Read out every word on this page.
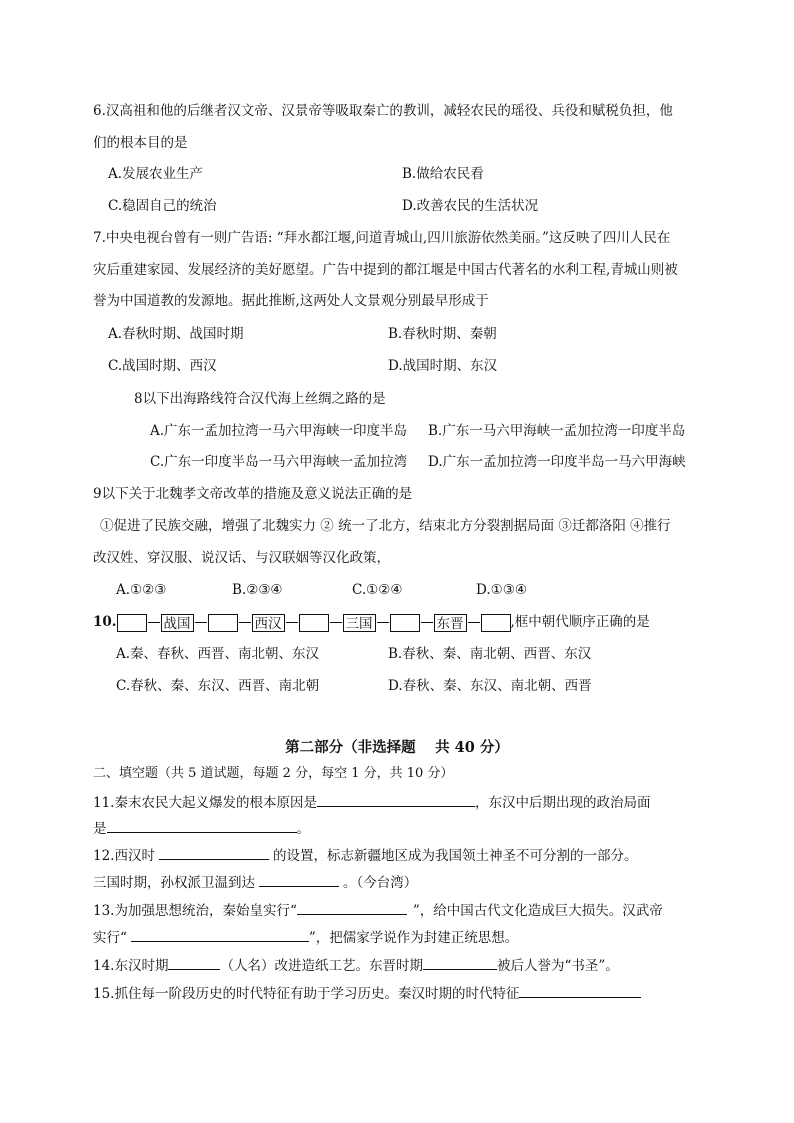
6.汉高祖和他的后继者汉文帝、汉景帝等吸取秦亡的教训，减轻农民的瑶役、兵役和赋税负担，他
们的根本目的是
A.发展农业生产	B.做给农民看
C.稳固自己的统治	D.改善农民的生活状况
7.中央电视台曾有一则广告语: “拜水都江堰,问道青城山,四川旅游依然美丽。”这反映了四川人民在
灾后重建家园、发展经济的美好愿望。广告中提到的都江堰是中国古代著名的水利工程,青城山则被
誉为中国道教的发源地。据此推断,这两处人文景观分别最早形成于
A.春秋时期、战国时期	B.春秋时期、秦朝
C.战国时期、西汉	D.战国时期、东汉
8以下出海路线符合汉代海上丝绸之路的是
A.广东一孟加拉湾一马六甲海峡一印度半岛 B.广东一马六甲海峡一孟加拉湾一印度半岛
C.广东一印度半岛一马六甲海峡一孟加拉湾 D.广东一孟加拉湾一印度半岛一马六甲海峡
9以下关于北魏孝文帝改革的措施及意义说法正确的是
①促进了民族交融，增强了北魏实力 ② 统一了北方，结束北方分裂割据局面 ③迁都洛阳 ④推行
改汉姓、穿汉服、说汉话、与汉联姻等汉化政策，
A.①②③	B.②③④	C.①②④	D.①③④
10.	战国	西汉	三国	东晋	,框中朝代顺序正确的是
A.秦、春秋、西晋、南北朝、东汉	B.春秋、秦、南北朝、西晋、东汉
C.春秋、秦、东汉、西晋、南北朝	D.春秋、秦、东汉、南北朝、西晋
第二部分（非选择题　 共 40 分）
二、填空题（共 5 道试题，每题 2 分，每空 1 分，共 10 分）
11.秦末农民大起义爆发的根本原因是	，东汉中后期出现的政治局面
是	。
12.西汉时	的设置，标志新疆地区成为我国领土神圣不可分割的一部分。
三国时期，孙权派卫温到达	。（今台湾）
13.为加强思想统治，秦始皇实行“	”，给中国古代文化造成巨大损失。汉武帝
实行“	”，把儒家学说作为封建正统思想。
14.东汉时期	（人名）改进造纸工艺。东晋时期	被后人誉为“书圣”。
15.抓住每一阶段历史的时代特征有助于学习历史。秦汉时期的时代特征
